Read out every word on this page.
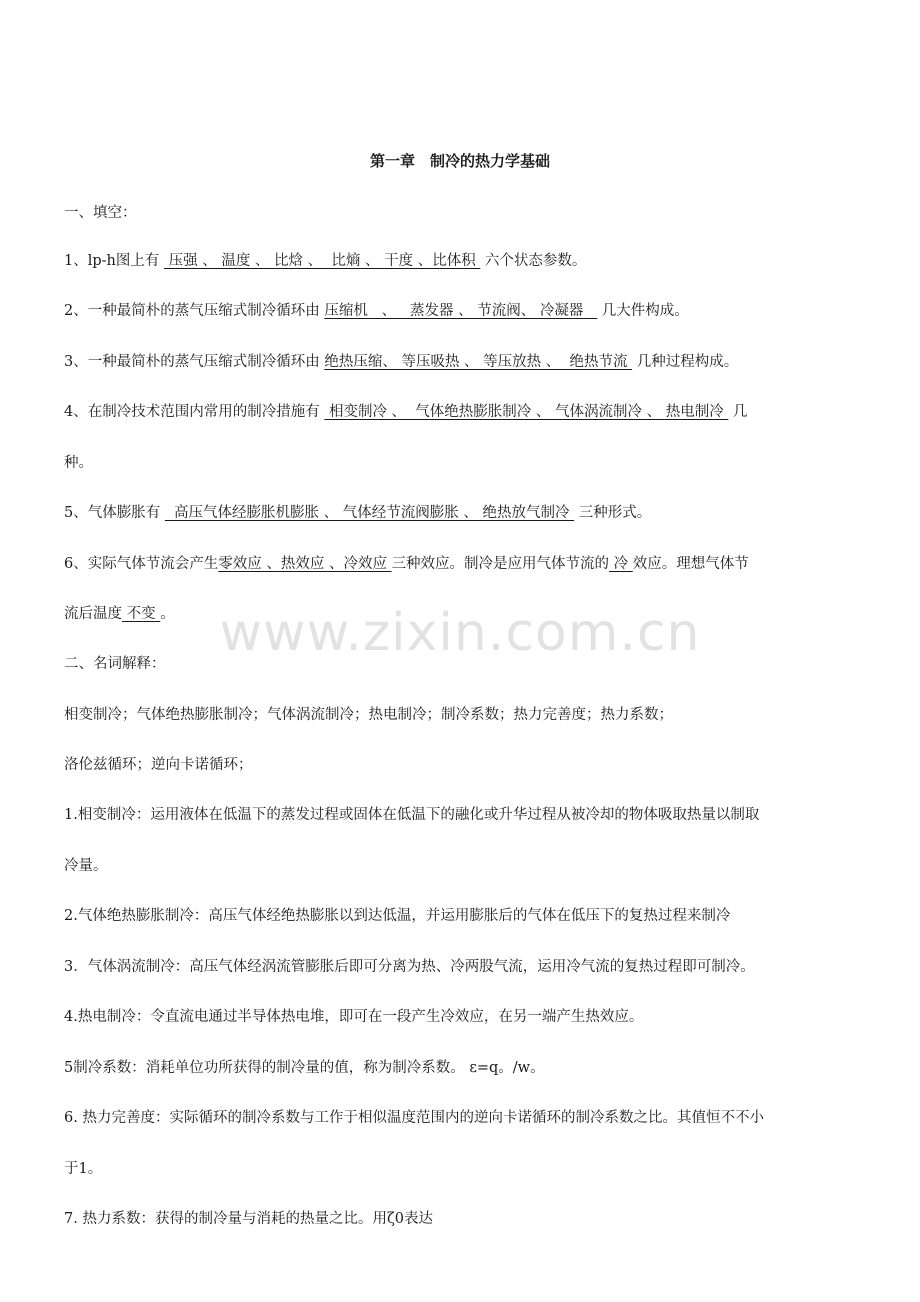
www.zixin.com.cn
第一章　制冷的热力学基础
一、填空：
1、lp-h图上有  压强 、 温度 、 比焓 、  比熵 、 干度 、比体积  六个状态参数。
2、一种最简朴的蒸气压缩式制冷循环由 压缩机   、   蒸发器 、 节流阀、 冷凝器    几大件构成。
3、一种最简朴的蒸气压缩式制冷循环由 绝热压缩、 等压吸热 、 等压放热 、  绝热节流  几种过程构成。
4、在制冷技术范围内常用的制冷措施有  相变制冷 、  气体绝热膨胀制冷 、 气体涡流制冷 、 热电制冷  几
种。
5、气体膨胀有   高压气体经膨胀机膨胀 、 气体经节流阀膨胀 、 绝热放气制冷  三种形式。
6、实际气体节流会产生零效应 、热效应 、冷效应 三种效应。制冷是应用气体节流的 冷 效应。理想气体节
流后温度 不变 。
二、名词解释：
相变制冷；气体绝热膨胀制冷；气体涡流制冷；热电制冷；制冷系数；热力完善度；热力系数；
洛伦兹循环；逆向卡诺循环；
1.相变制冷：运用液体在低温下的蒸发过程或固体在低温下的融化或升华过程从被冷却的物体吸取热量以制取
冷量。
2.气体绝热膨胀制冷：高压气体经绝热膨胀以到达低温，并运用膨胀后的气体在低压下的复热过程来制冷
3．气体涡流制冷：高压气体经涡流管膨胀后即可分离为热、冷两股气流，运用冷气流的复热过程即可制冷。
4.热电制冷：令直流电通过半导体热电堆，即可在一段产生冷效应，在另一端产生热效应。
5制冷系数：消耗单位功所获得的制冷量的值，称为制冷系数。 ε=q。/w。
6. 热力完善度：实际循环的制冷系数与工作于相似温度范围内的逆向卡诺循环的制冷系数之比。其值恒不不小
于1。
7. 热力系数：获得的制冷量与消耗的热量之比。用ζ0表达
